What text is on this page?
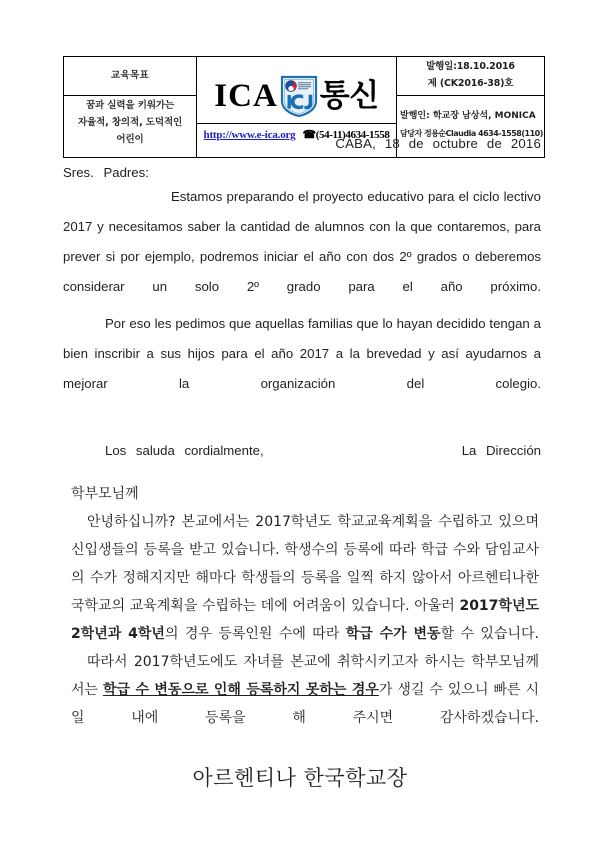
교육목표

ICA 통신
http://www.e-ica.org ☎(54-11)4634-1558

발행일:18.10.2016
제 (CK2016-38)호

꿈과 실력을 키워가는
자율적, 창의적, 도덕적인
어린이

발행인: 학교장 남상석, MONICA
담당자 정용순Claudia 4634-1558(110)
CABA, 18 de octubre de 2016
Sres. Padres:
Estamos preparando el proyecto educativo para el ciclo lectivo 2017 y necesitamos saber la cantidad de alumnos con la que contaremos, para prever si por ejemplo, podremos iniciar el año con dos 2º grados o deberemos considerar un solo 2º grado para el año próximo.
Por eso les pedimos que aquellas familias que lo hayan decidido tengan a bien inscribir a sus hijos para el año 2017 a la brevedad y así ayudarnos a mejorar la organización del colegio.
Los saluda cordialmente,	La Dirección
학부모님께
안녕하십니까? 본교에서는 2017학년도 학교교육계획을 수립하고 있으며 신입생들의 등록을 받고 있습니다. 학생수의 등록에 따라 학급 수와 담임교사의 수가 정해지지만 해마다 학생들의 등록을 일찍 하지 않아서 아르헨티나한국학교의 교육계획을 수립하는 데에 어려움이 있습니다. 아울러 2017학년도 2학년과 4학년의 경우 등록인원 수에 따라 학급 수가 변동할 수 있습니다.
따라서 2017학년도에도 자녀를 본교에 취학시키고자 하시는 학부모님께서는 학급 수 변동으로 인해 등록하지 못하는 경우가 생길 수 있으니 빠른 시일 내에 등록을 해 주시면 감사하겠습니다.
아르헨티나 한국학교장
